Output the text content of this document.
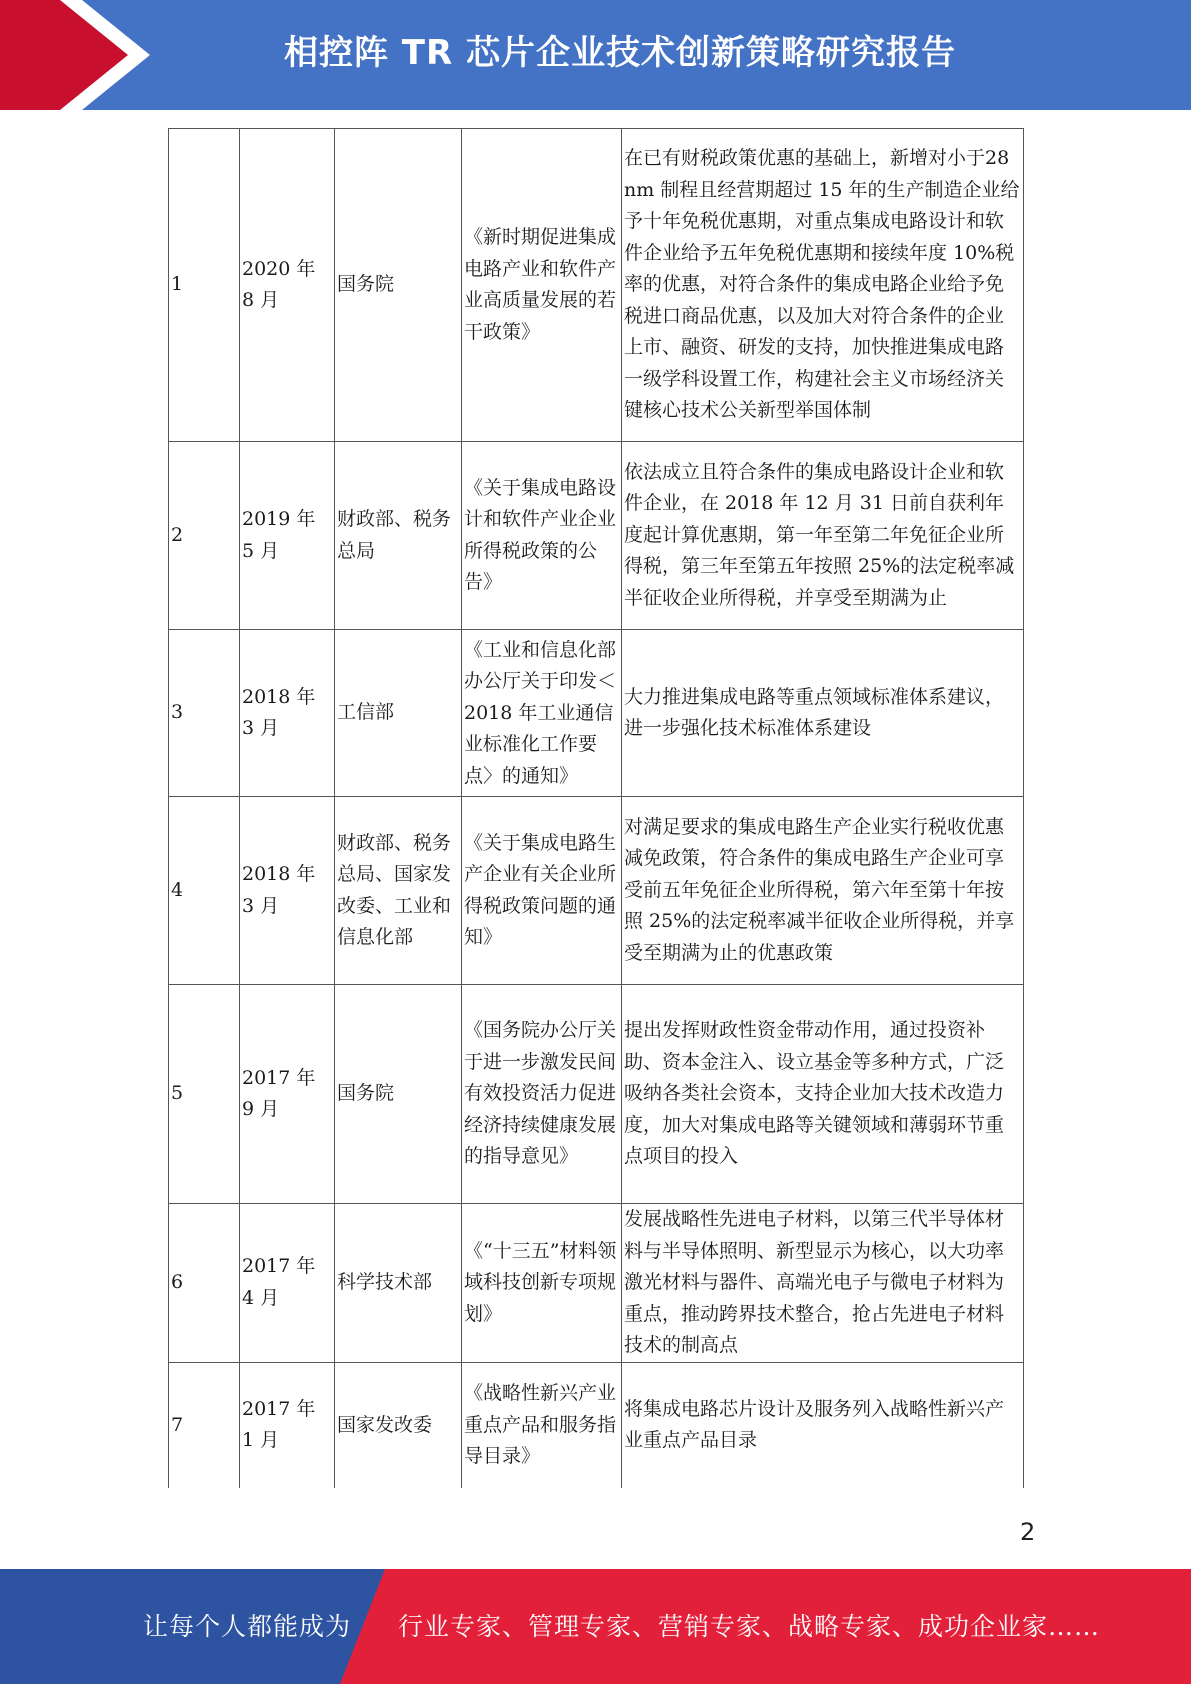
相控阵 TR 芯片企业技术创新策略研究报告
1	2020 年 8 月	国务院	《新时期促进集成电路产业和软件产业高质量发展的若干政策》	在已有财税政策优惠的基础上，新增对小于28nm 制程且经营期超过 15 年的生产制造企业给予十年免税优惠期，对重点集成电路设计和软件企业给予五年免税优惠期和接续年度 10%税率的优惠，对符合条件的集成电路企业给予免税进口商品优惠，以及加大对符合条件的企业上市、融资、研发的支持，加快推进集成电路一级学科设置工作，构建社会主义市场经济关键核心技术公关新型举国体制
2	2019 年 5 月	财政部、税务总局	《关于集成电路设计和软件产业企业所得税政策的公告》	依法成立且符合条件的集成电路设计企业和软件企业，在 2018 年 12 月 31 日前自获利年度起计算优惠期，第一年至第二年免征企业所得税，第三年至第五年按照 25%的法定税率减半征收企业所得税，并享受至期满为止
3	2018 年 3 月	工信部	《工业和信息化部办公厅关于印发＜2018 年工业通信业标准化工作要点〉的通知》	大力推进集成电路等重点领域标准体系建议，进一步强化技术标准体系建设
4	2018 年 3 月	财政部、税务总局、国家发改委、工业和信息化部	《关于集成电路生产企业有关企业所得税政策问题的通知》	对满足要求的集成电路生产企业实行税收优惠减免政策，符合条件的集成电路生产企业可享受前五年免征企业所得税，第六年至第十年按照 25%的法定税率减半征收企业所得税，并享受至期满为止的优惠政策
5	2017 年 9 月	国务院	《国务院办公厅关于进一步激发民间有效投资活力促进经济持续健康发展的指导意见》	提出发挥财政性资金带动作用，通过投资补助、资本金注入、设立基金等多种方式，广泛吸纳各类社会资本，支持企业加大技术改造力度，加大对集成电路等关键领域和薄弱环节重点项目的投入
6	2017 年 4 月	科学技术部	《“十三五”材料领域科技创新专项规划》	发展战略性先进电子材料，以第三代半导体材料与半导体照明、新型显示为核心，以大功率激光材料与器件、高端光电子与微电子材料为重点，推动跨界技术整合，抢占先进电子材料技术的制高点
7	2017 年 1 月	国家发改委	《战略性新兴产业重点产品和服务指导目录》	将集成电路芯片设计及服务列入战略性新兴产业重点产品目录
2
让每个人都能成为 行业专家、管理专家、营销专家、战略专家、成功企业家……
